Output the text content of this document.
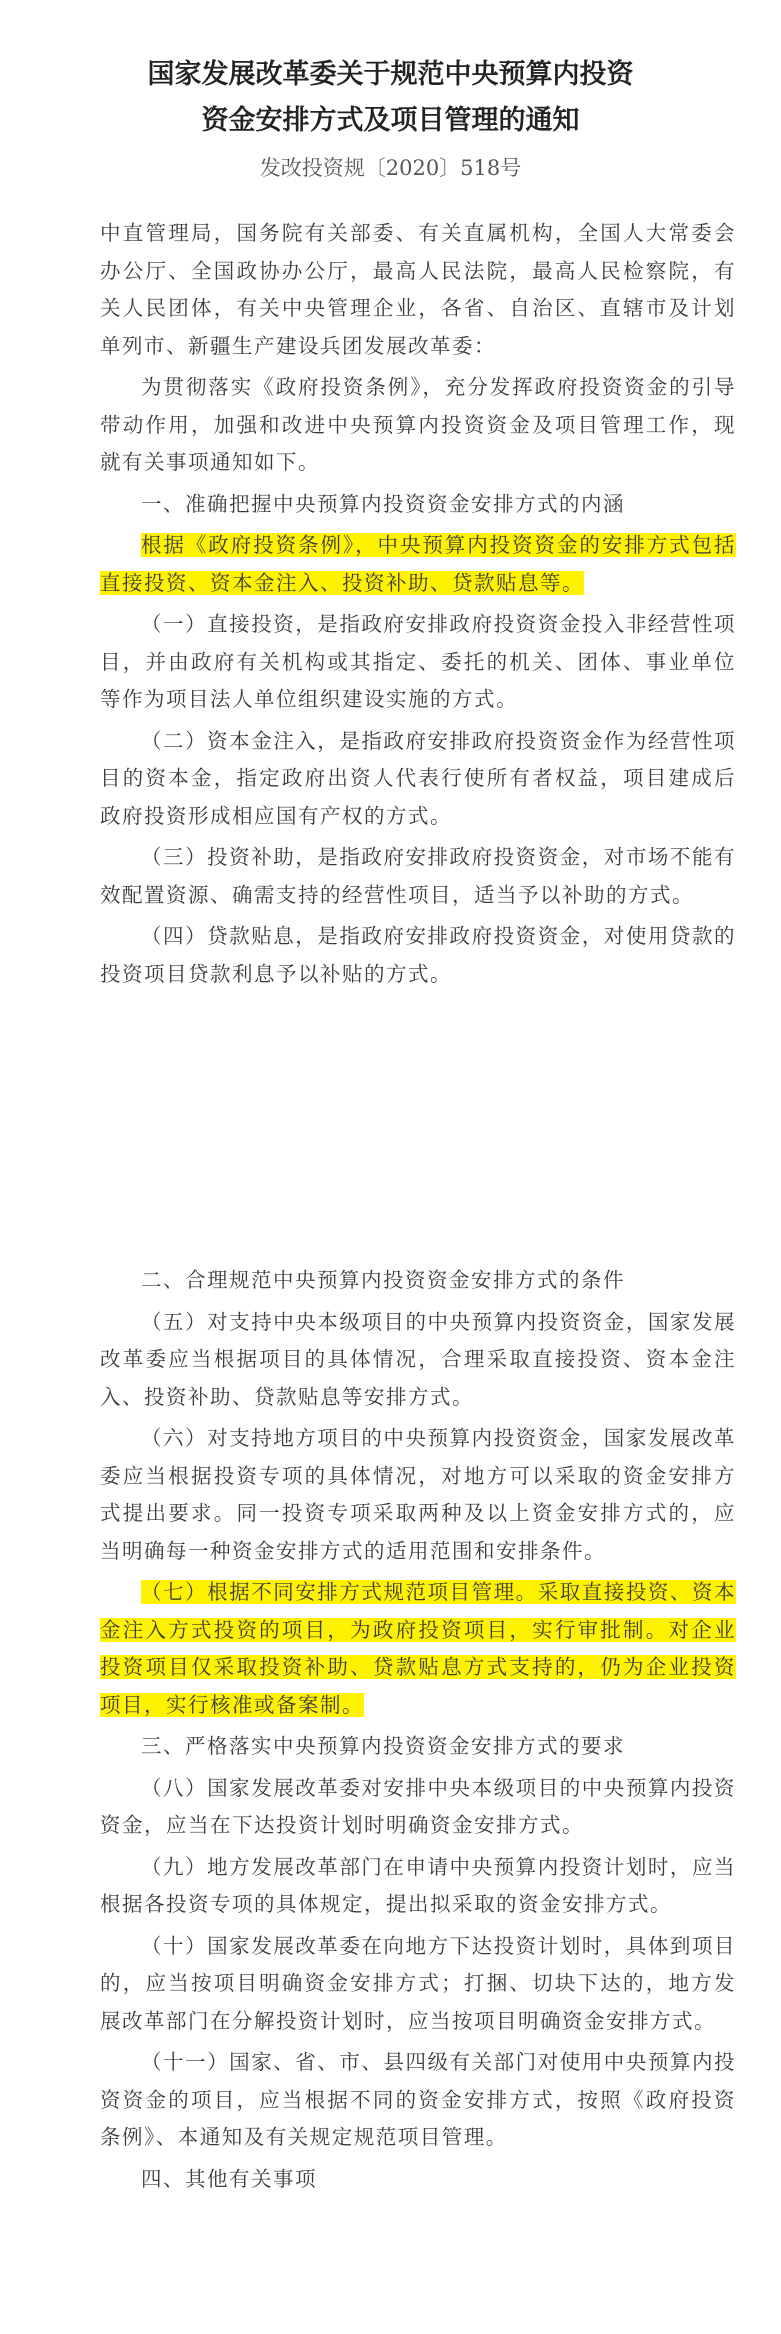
国家发展改革委关于规范中央预算内投资

资金安排方式及项目管理的通知

发改投资规〔2020〕518号

中直管理局，国务院有关部委、有关直属机构，全国人大常委会办公厅、全国政协办公厅，最高人民法院，最高人民检察院，有关人民团体，有关中央管理企业，各省、自治区、直辖市及计划单列市、新疆生产建设兵团发展改革委：

为贯彻落实《政府投资条例》，充分发挥政府投资资金的引导带动作用，加强和改进中央预算内投资资金及项目管理工作，现就有关事项通知如下。

一、准确把握中央预算内投资资金安排方式的内涵

根据《政府投资条例》，中央预算内投资资金的安排方式包括直接投资、资本金注入、投资补助、贷款贴息等。

（一）直接投资，是指政府安排政府投资资金投入非经营性项目，并由政府有关机构或其指定、委托的机关、团体、事业单位等作为项目法人单位组织建设实施的方式。

（二）资本金注入，是指政府安排政府投资资金作为经营性项目的资本金，指定政府出资人代表行使所有者权益，项目建成后政府投资形成相应国有产权的方式。

（三）投资补助，是指政府安排政府投资资金，对市场不能有效配置资源、确需支持的经营性项目，适当予以补助的方式。

（四）贷款贴息，是指政府安排政府投资资金，对使用贷款的投资项目贷款利息予以补贴的方式。

二、合理规范中央预算内投资资金安排方式的条件

（五）对支持中央本级项目的中央预算内投资资金，国家发展改革委应当根据项目的具体情况，合理采取直接投资、资本金注入、投资补助、贷款贴息等安排方式。

（六）对支持地方项目的中央预算内投资资金，国家发展改革委应当根据投资专项的具体情况，对地方可以采取的资金安排方式提出要求。同一投资专项采取两种及以上资金安排方式的，应当明确每一种资金安排方式的适用范围和安排条件。

（七）根据不同安排方式规范项目管理。采取直接投资、资本金注入方式投资的项目，为政府投资项目，实行审批制。对企业投资项目仅采取投资补助、贷款贴息方式支持的，仍为企业投资项目，实行核准或备案制。

三、严格落实中央预算内投资资金安排方式的要求

（八）国家发展改革委对安排中央本级项目的中央预算内投资资金，应当在下达投资计划时明确资金安排方式。

（九）地方发展改革部门在申请中央预算内投资计划时，应当根据各投资专项的具体规定，提出拟采取的资金安排方式。

（十）国家发展改革委在向地方下达投资计划时，具体到项目的，应当按项目明确资金安排方式；打捆、切块下达的，地方发展改革部门在分解投资计划时，应当按项目明确资金安排方式。

（十一）国家、省、市、县四级有关部门对使用中央预算内投资资金的项目，应当根据不同的资金安排方式，按照《政府投资条例》、本通知及有关规定规范项目管理。

四、其他有关事项
